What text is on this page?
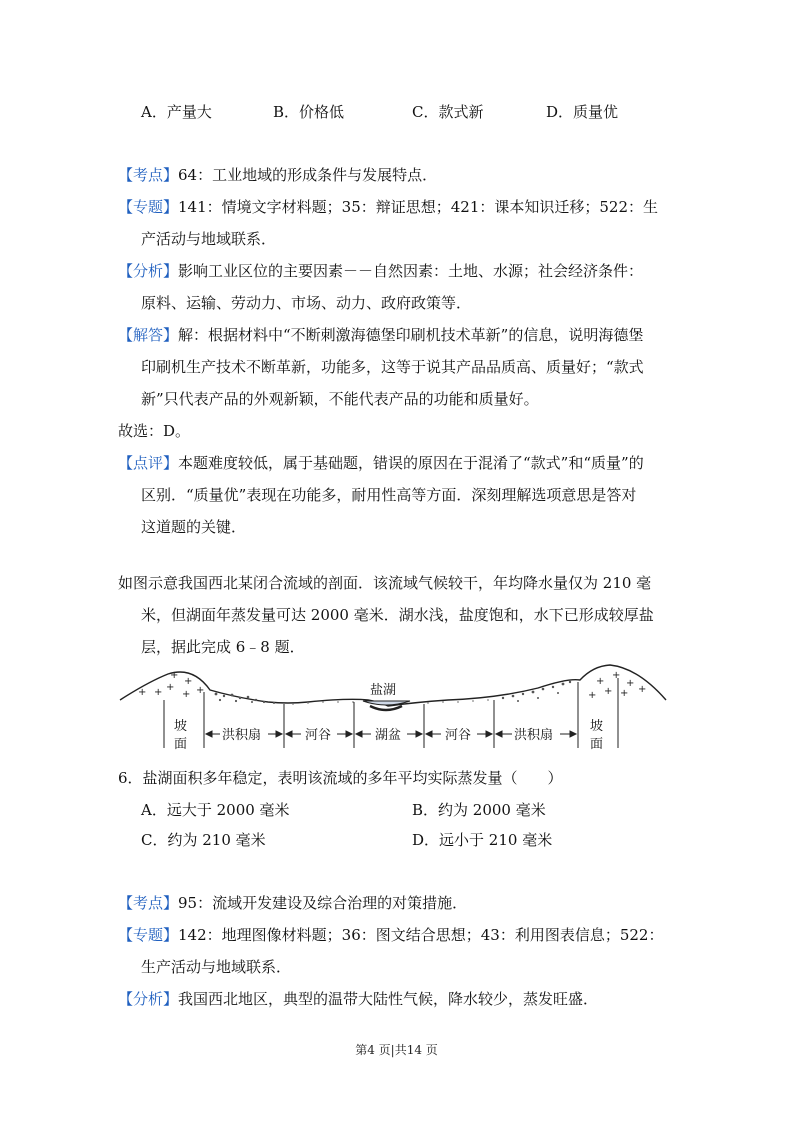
A．产量大	B．价格低	C．款式新	D．质量优
【考点】64：工业地域的形成条件与发展特点．
【专题】141：情境文字材料题；35：辩证思想；421：课本知识迁移；522：生
产活动与地域联系．
【分析】影响工业区位的主要因素－－自然因素：土地、水源；社会经济条件：
原料、运输、劳动力、市场、动力、政府政策等．
【解答】解：根据材料中“不断刺激海德堡印刷机技术革新”的信息，说明海德堡
印刷机生产技术不断革新，功能多，这等于说其产品品质高、质量好；“款式
新”只代表产品的外观新颖，不能代表产品的功能和质量好。
故选：D。
【点评】本题难度较低，属于基础题，错误的原因在于混淆了“款式”和“质量”的
区别．“质量优”表现在功能多，耐用性高等方面．深刻理解选项意思是答对
这道题的关键．
如图示意我国西北某闭合流域的剖面．该流域气候较干，年均降水量仅为 210 毫
米，但湖面年蒸发量可达 2000 毫米．湖水浅，盐度饱和，水下已形成较厚盐
层，据此完成 6﹣8 题．
+ +
+
+
+
+ +
+
+
+
+ + +
+
盐湖
坡
面
坡
面
洪积扇	河谷	湖盆	河谷	洪积扇
6．盐湖面积多年稳定，表明该流域的多年平均实际蒸发量（　　）
A．远大于 2000 毫米	B．约为 2000 毫米
C．约为 210 毫米	D．远小于 210 毫米
【考点】95：流域开发建设及综合治理的对策措施．
【专题】142：地理图像材料题；36：图文结合思想；43：利用图表信息；522：
生产活动与地域联系．
【分析】我国西北地区，典型的温带大陆性气候，降水较少，蒸发旺盛．
第4 页|共14 页
